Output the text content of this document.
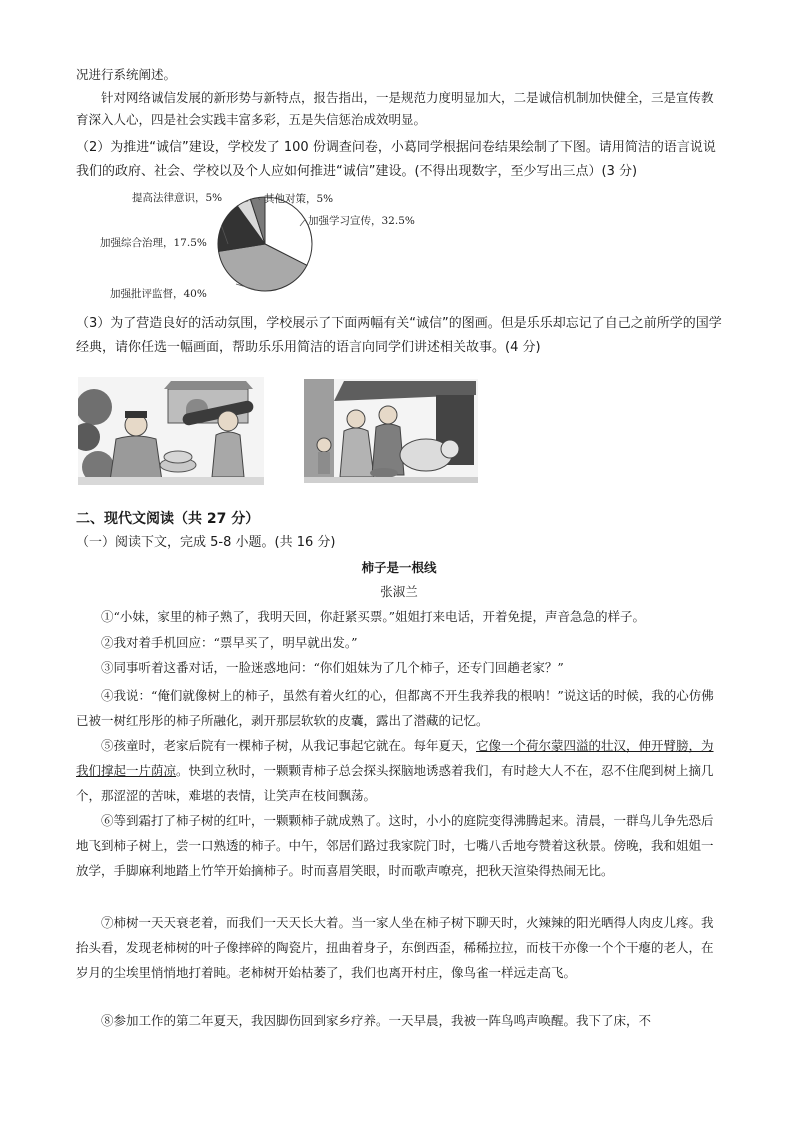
况进行系统阐述。
针对网络诚信发展的新形势与新特点，报告指出，一是规范力度明显加大，二是诚信机制加快健全，三是宣传教育深入人心，四是社会实践丰富多彩，五是失信惩治成效明显。
（2）为推进“诚信”建设，学校发了 100 份调查问卷，小葛同学根据问卷结果绘制了下图。请用简洁的语言说说我们的政府、社会、学校以及个人应如何推进“诚信”建设。(不得出现数字，至少写出三点）(3 分)
加强学习宣传，32.5%
加强批评监督，40%
加强综合治理，17.5%
提高法律意识，5%	其他对策，5%
（3）为了营造良好的活动氛围，学校展示了下面两幅有关“诚信”的图画。但是乐乐却忘记了自己之前所学的国学经典，请你任选一幅画面，帮助乐乐用简洁的语言向同学们讲述相关故事。(4 分)
二、现代文阅读（共 27 分）
（一）阅读下文，完成 5-8 小题。(共 16 分)
柿子是一根线
张淑兰
①“小妹，家里的柿子熟了，我明天回，你赶紧买票。”姐姐打来电话，开着免提，声音急急的样子。
②我对着手机回应：“票早买了，明早就出发。”
③同事听着这番对话，一脸迷惑地问：“你们姐妹为了几个柿子，还专门回趟老家？”
④我说：“俺们就像树上的柿子，虽然有着火红的心，但都离不开生我养我的根呐！”说这话的时候，我的心仿佛已被一树红彤彤的柿子所融化，剥开那层软软的皮囊，露出了潜藏的记忆。
⑤孩童时，老家后院有一棵柿子树，从我记事起它就在。每年夏天，它像一个荷尔蒙四溢的壮汉，伸开臂膀，为我们撑起一片荫凉。快到立秋时，一颗颗青柿子总会探头探脑地诱惑着我们，有时趁大人不在，忍不住爬到树上摘几个，那涩涩的苦味，难堪的表情，让笑声在枝间飘荡。
⑥等到霜打了柿子树的红叶，一颗颗柿子就成熟了。这时，小小的庭院变得沸腾起来。清晨，一群鸟儿争先恐后地飞到柿子树上，尝一口熟透的柿子。中午，邻居们路过我家院门时，七嘴八舌地夸赞着这秋景。傍晚，我和姐姐一放学，手脚麻利地踏上竹竿开始摘柿子。时而喜眉笑眼，时而歌声嘹亮，把秋天渲染得热闹无比。
⑦柿树一天天衰老着，而我们一天天长大着。当一家人坐在柿子树下聊天时，火辣辣的阳光晒得人肉皮儿疼。我抬头看，发现老柿树的叶子像摔碎的陶瓷片，扭曲着身子，东倒西歪，稀稀拉拉，而枝干亦像一个个干瘪的老人，在岁月的尘埃里悄悄地打着盹。老柿树开始枯萎了，我们也离开村庄，像鸟雀一样远走高飞。
⑧参加工作的第二年夏天，我因脚伤回到家乡疗养。一天早晨，我被一阵鸟鸣声唤醒。我下了床，不
